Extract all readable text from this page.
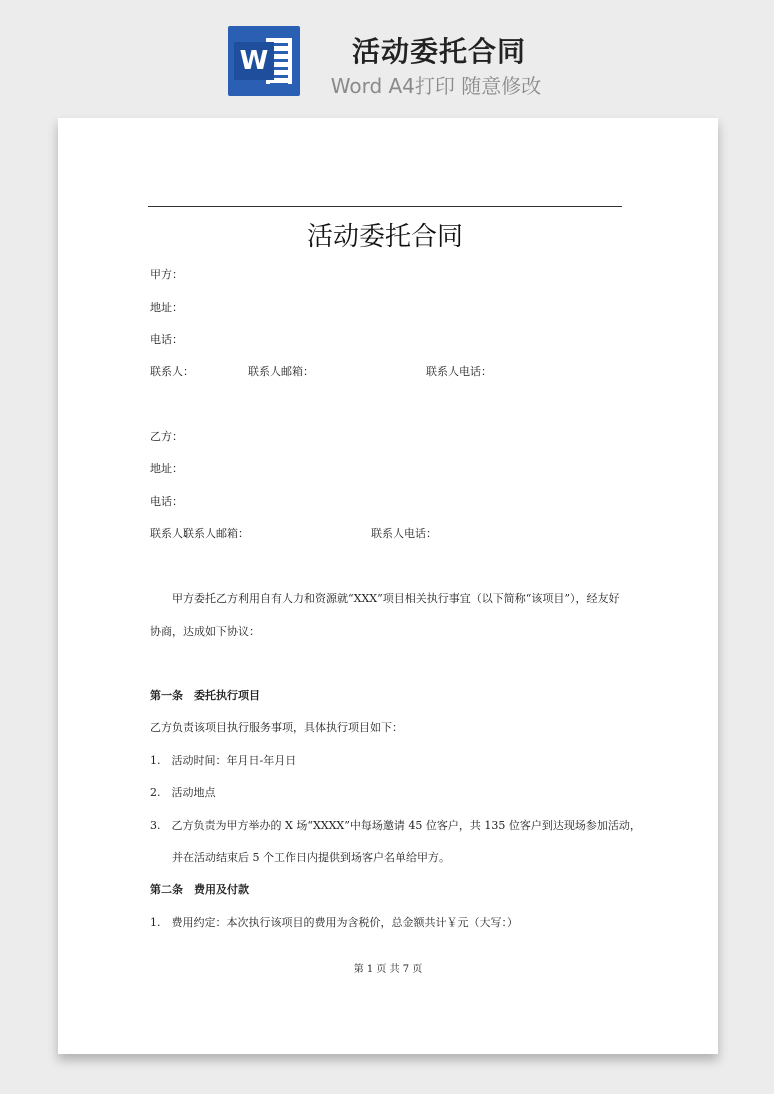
W	活动委托合同
Word A4打印 随意修改
活动委托合同
甲方：
地址：
电话：
联系人：	联系人邮箱：	联系人电话：
乙方：
地址：
电话：
联系人：
联系人邮箱：	联系人电话：
甲方委托乙方利用自有人力和资源就“XXX”项目相关执行事宜（以下简称“该项目”），经友好
协商，达成如下协议：
第一条　委托执行项目
乙方负责该项目执行服务事项，具体执行项目如下：
1.　活动时间：年月日-年月日
2.　活动地点
3.　乙方负责为甲方举办的 X 场“XXXX”中每场邀请 45 位客户，共 135 位客户到达现场参加活动，
并在活动结束后 5 个工作日内提供到场客户名单给甲方。
第二条　费用及付款
1.　费用约定：本次执行该项目的费用为含税价，总金额共计￥元（大写：）
第 1 页 共 7 页
